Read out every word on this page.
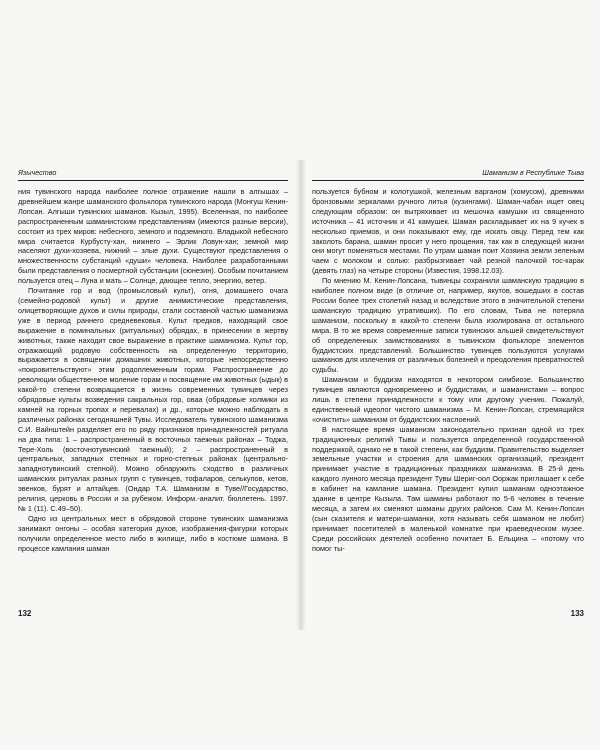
Язычество

ния тувинского народа наиболее полное отражение нашли в алгышах – древнейшем жанре шаманского фольклора тувинского народа (Монгуш Кенин-Лопсан. Алгыши тувинских шаманов. Кызыл, 1995). Вселенная, по наиболее распространенным шаманистским представлениям (имеются разные версии), состоит из трех миров: небесного, земного и подземного. Владыкой небесного мира считается Курбусту-хан, нижнего – Эрлик Ловун-хан; земной мир населяют духи-хозяева, нижний – злые духи. Существуют представления о множественности субстанций «души» человека. Наиболее разработанными были представления о посмертной субстанции (сюнезин). Особым почитанием пользуется отец – Луна и мать – Солнце, дающее тепло, энергию, ветер.

Почитание гор и вод (промысловый культ), огня, домашнего очага (семейно-родовой культ) и другие анимистические представления, олицетворяющие духов и силы природы, стали составной частью шаманизма уже в период раннего средневековья. Культ предков, находящий свое выражение в поминальных (ритуальных) обрядах, в принесении в жертву животных, также находит свое выражение в практике шаманизма. Культ гор, отражающий родовую собственность на определенную территорию, выражается в освящении домашних животных, которые непосредственно «покровительствуют» этим родоплеменным горам. Распространение до революции общественное моление горам и посвящение им животных (ыдык) в какой-то степени возвращается в жизнь современных тувинцев через обрядовые культы возведения сакральных гор, оваа (обрядовые холмики из камней на горных тропах и перевалах) и др., которые можно наблюдать в различных районах сегодняшней Тувы. Исследователь тувинского шаманизма С.И. Вайнштейн разделяет его по ряду признаков принадлежностей ритуала на два типа: 1 – распространенный в восточных таежных районах – Тоджа, Тере-Холь (восточнотувинский таежный); 2 – распространенный в центральных, западных степных и горно-степных районах (центрально-западнотувинский степной). Можно обнаружить сходство в различных шаманских ритуалах разных групп с тувинцев, тофаларов, селькупов, кетов, эвенков, бурят и алтайцев. (Ондар Т.А. Шаманизм в Туве//Государство, религия, церковь в России и за рубежом. Информ.-аналит. бюллетень. 1997. № 1 (11). С.49–50).

Одно из центральных мест в обрядовой стороне тувинских шаманизма занимают онгоны – особая категория духов, изображения-фигурки которых получили определенное место либо в жилище, либо в костюме шамана. В процессе камлания шаман

132
Шаманизм в Республике Тыва

пользуется бубном и колотушкой, железным варганом (хомусом), древними бронзовыми зеркалами ручного литья (кузингами). Шаман-чабан ищет овец следующим образом: он вытряхивает из мешочка камушки из священного источника – 41 источник и 41 камушек. Шаман раскладывает их на 9 кучек в несколько приемов, и они показывают ему, где искать овцу. Перед тем как заколоть барана, шаман просит у него прощения, так как в следующей жизни они могут поменяться местами. По утрам шаман поит Хозяина земли зеленым чаем с молоком и солью: разбрызгивает чай резной палочкой тос-карак (девять глаз) на четыре стороны (Известия, 1998.12.03).

По мнению М. Кенин-Лопсана, тывинцы сохранили шаманскую традицию в наиболее полном виде (в отличие от, например, якутов, вошедших в состав России более трех столетий назад и вследствие этого в значительной степени шаманскую традицию утративших). По его словам, Тыва не потеряла шаманизм, поскольку в какой-то степени была изолирована от остального мира. В то же время современные записи тувинских альшей свидетельствуют об определенных заимствованиях в тывинском фольклоре элементов буддистских представлений. Большинство тувинцев пользуются услугами шаманов для излечения от различных болезней и преодоления превратностей судьбы.

Шаманизм и буддизм находятся в некотором симбиозе. Большинство тувинцев являются одновременно и буддистами, и шаманистами – вопрос лишь в степени принадлежности к тому или другому учению. Пожалуй, единственный идеолог чистого шаманизма – М. Кенин-Лопсан, стремящийся «очистить» шаманизм от буддистских наслоений.

В настоящее время шаманизм законодательно признан одной из трех традиционных религий Тывы и пользуется определенной государственной поддержкой, однако не в такой степени, как буддизм. Правительство выделяет земельные участки и строения для шаманских организаций, президент принимает участие в традиционных праздниках шаманизма. В 25-й день каждого лунного месяца президент Тувы Шериг-оол Ооржак приглашает к себе в кабинет на камлание шамана. Президент купил шаманам одноэтажное здание в центре Кызыла. Там шаманы работают по 5-6 человек в течение месяца, а затем их сменяют шаманы других районов. Сам М. Кенин-Лопсан (сын сказителя и матери-шаманки, хотя называть себя шаманом не любит) принимает посетителей в маленькой комнатке при краеведческом музее. Среди российских деятелей особенно почитает Б. Ельцина – «потому что помог ты-

133
